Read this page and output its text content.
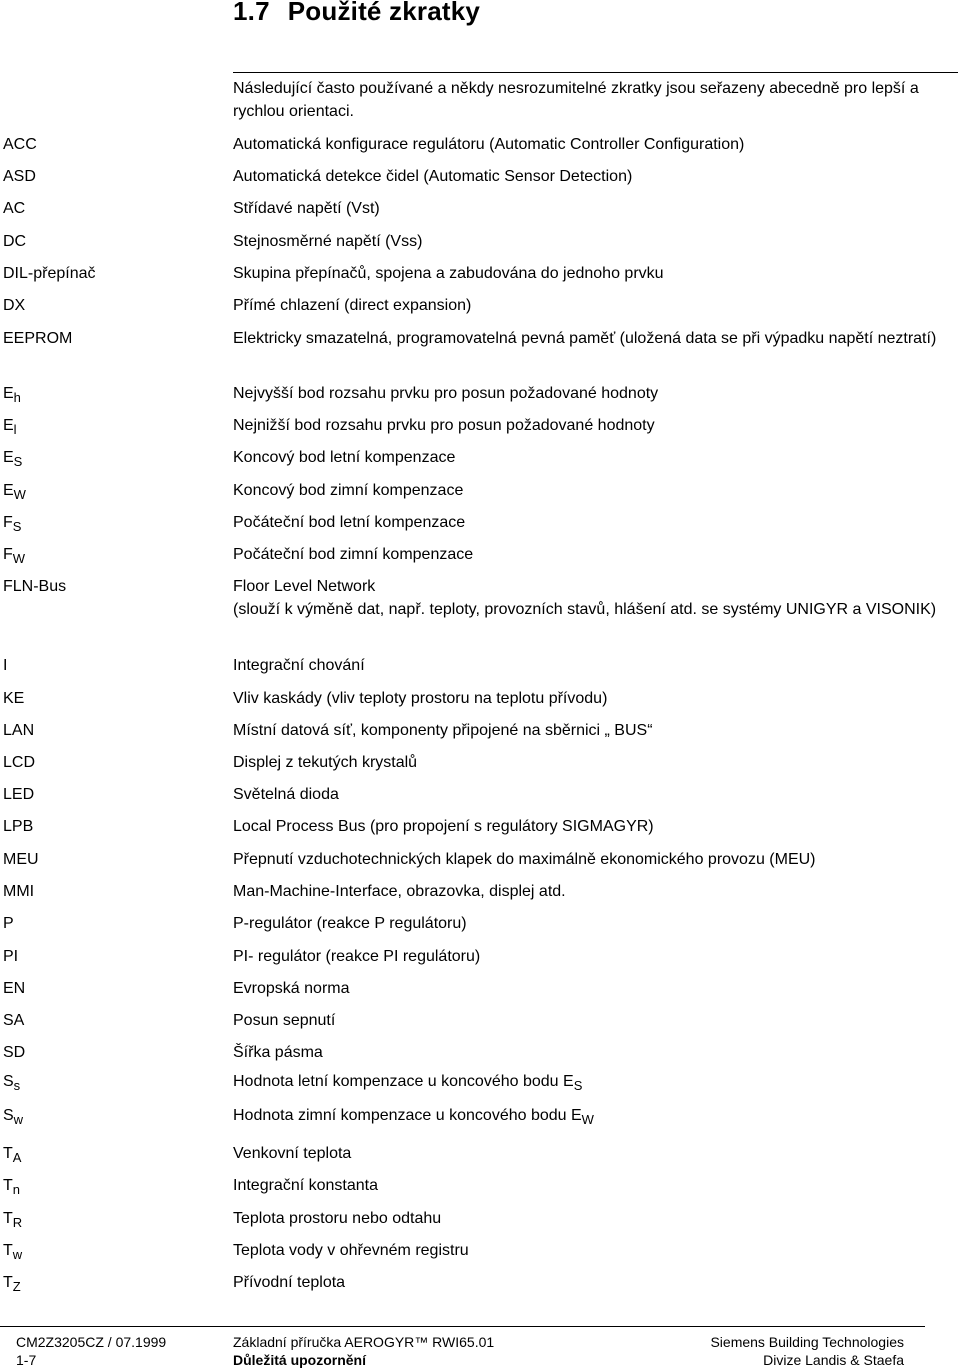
1.7 Použité zkratky
Následující často používané a někdy nesrozumitelné zkratky jsou seřazeny abecedně pro lepší a rychlou orientaci.
ACC	Automatická konfigurace regulátoru (Automatic Controller Configuration)
ASD	Automatická detekce čidel (Automatic Sensor Detection)
AC	Střídavé napětí (Vst)
DC	Stejnosměrné napětí (Vss)
DIL-přepínač	Skupina přepínačů, spojena a zabudována do jednoho prvku
DX	Přímé chlazení (direct expansion)
EEPROM	Elektricky smazatelná, programovatelná pevná paměť (uložená data se při výpadku napětí neztratí)
$E_h$	Nejvyšší bod rozsahu prvku pro posun požadované hodnoty
$E_l$	Nejnižší bod rozsahu prvku pro posun požadované hodnoty
$E_S$	Koncový bod letní kompenzace
$E_W$	Koncový bod zimní kompenzace
$F_S$	Počáteční bod letní kompenzace
$F_W$	Počáteční bod zimní kompenzace
FLN-Bus	Floor Level Network
(slouží k výměně dat, např. teploty, provozních stavů, hlášení atd. se systémy UNIGYR a VISONIK)
I	Integrační chování
KE	Vliv kaskády (vliv teploty prostoru na teplotu přívodu)
LAN	Místní datová síť, komponenty připojené na sběrnici „ BUS“
LCD	Displej z tekutých krystalů
LED	Světelná dioda
LPB	Local Process Bus (pro propojení s regulátory SIGMAGYR)
MEU	Přepnutí vzduchotechnických klapek do maximálně ekonomického provozu (MEU)
MMI	Man-Machine-Interface, obrazovka, displej atd.
P	P-regulátor (reakce P regulátoru)
PI	PI- regulátor (reakce PI regulátoru)
EN	Evropská norma
SA	Posun sepnutí
SD	Šířka pásma
$S_s$	Hodnota letní kompenzace u koncového bodu $E_S$
$S_w$	Hodnota zimní kompenzace u koncového bodu $E_W$
$T_A$	Venkovní teplota
$T_n$	Integrační konstanta
$T_R$	Teplota prostoru nebo odtahu
$T_w$	Teplota vody v ohřevném registru
$T_Z$	Přívodní teplota
CM2Z3205CZ / 07.1999
1-7
Základní příručka AEROGYR™ RWI65.01
Důležitá upozornění
Siemens Building Technologies
Divize Landis & Staefa
